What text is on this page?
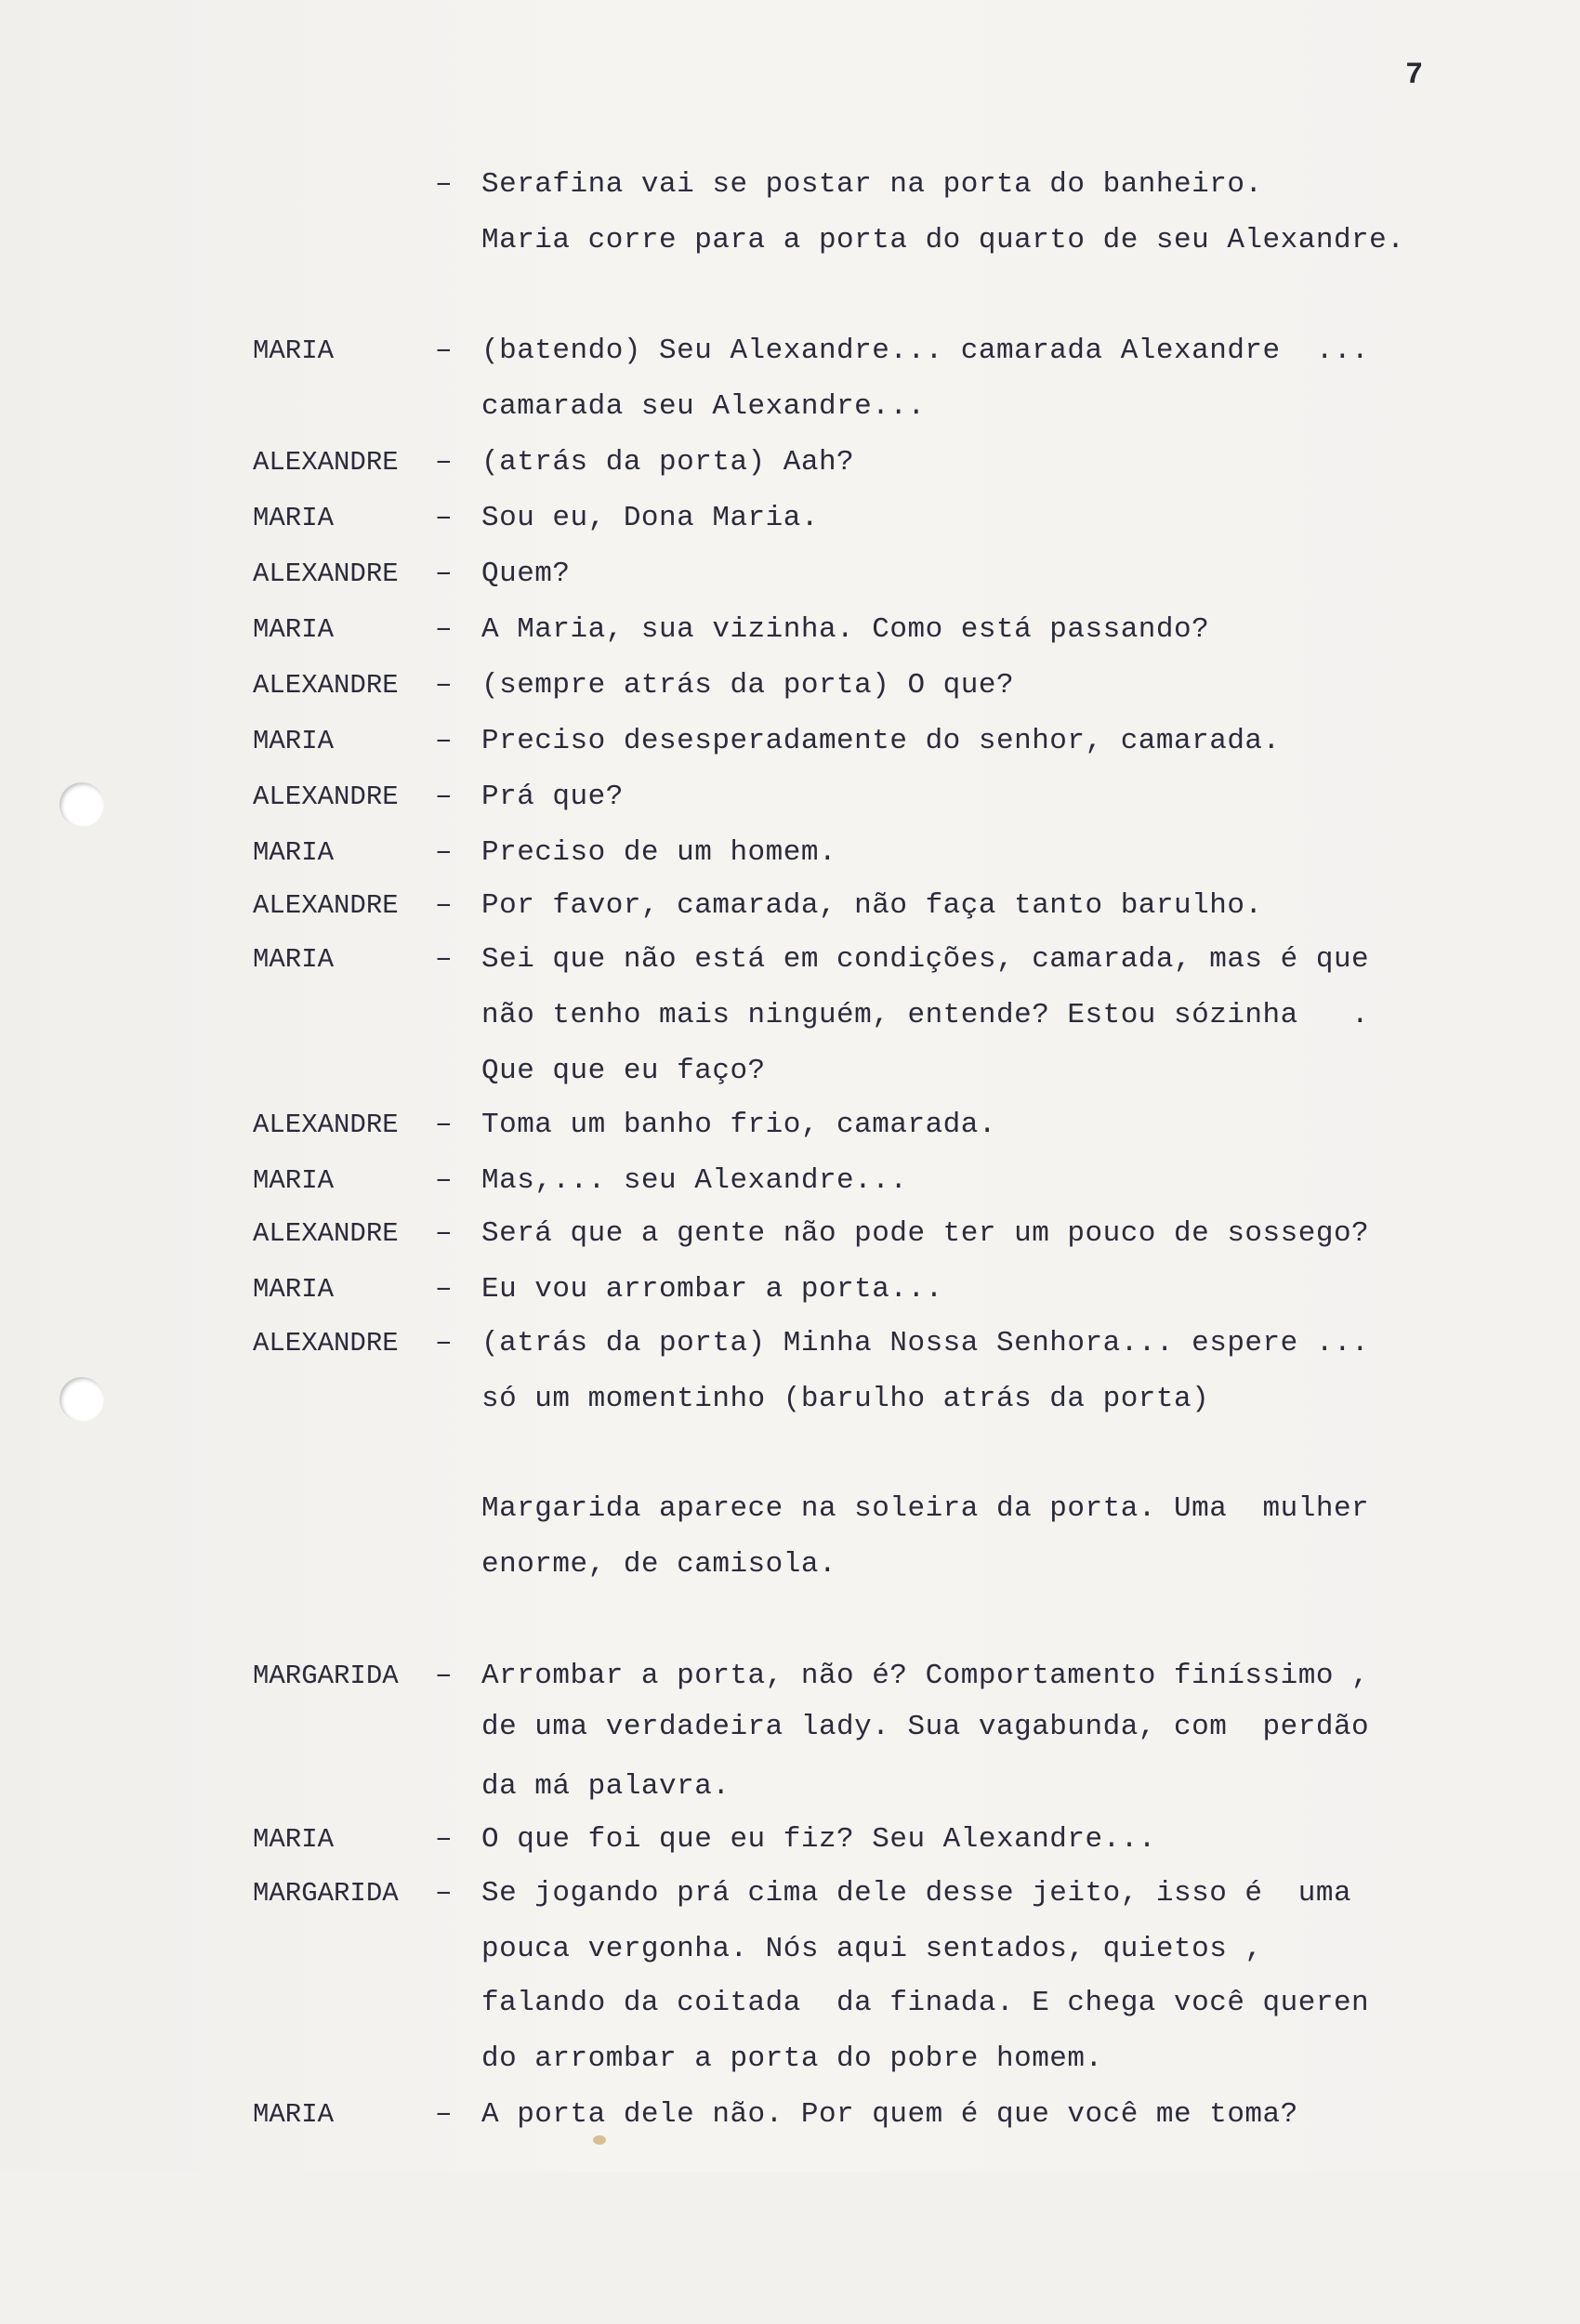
7

–

Serafina vai se postar na porta do banheiro.

Maria corre para a porta do quarto de seu Alexandre.

MARIA

	–

(batendo) Seu Alexandre... camarada Alexandre  ...

camarada seu Alexandre...

ALEXANDRE

–

(atrás da porta) Aah?

MARIA

	–

Sou eu, Dona Maria.

ALEXANDRE

–

Quem?

MARIA

	–

A Maria, sua vizinha. Como está passando?

ALEXANDRE

–

(sempre atrás da porta) O que?

MARIA

	–

Preciso desesperadamente do senhor, camarada.

ALEXANDRE

–

Prá que?

MARIA

	–

Preciso de um homem.

ALEXANDRE

–

Por favor, camarada, não faça tanto barulho.

MARIA

	–

Sei que não está em condições, camarada, mas é que

não tenho mais ninguém, entende? Estou sózinha   .

Que que eu faço?

ALEXANDRE

–

Toma um banho frio, camarada.

MARIA

	–

Mas,... seu Alexandre...

ALEXANDRE

–

Será que a gente não pode ter um pouco de sossego?

MARIA

	–

Eu vou arrombar a porta...

ALEXANDRE

–

(atrás da porta) Minha Nossa Senhora... espere ...

só um momentinho (barulho atrás da porta)

Margarida aparece na soleira da porta. Uma  mulher

enorme, de camisola.

MARGARIDA

–

Arrombar a porta, não é? Comportamento finíssimo ,

de uma verdadeira lady. Sua vagabunda, com  perdão

da má palavra.

MARIA

	–

O que foi que eu fiz? Seu Alexandre...

MARGARIDA

–

Se jogando prá cima dele desse jeito, isso é  uma

pouca vergonha. Nós aqui sentados, quietos ,

falando da coitada  da finada. E chega você queren

do arrombar a porta do pobre homem.

MARIA

	–

A porta dele não. Por quem é que você me toma?
